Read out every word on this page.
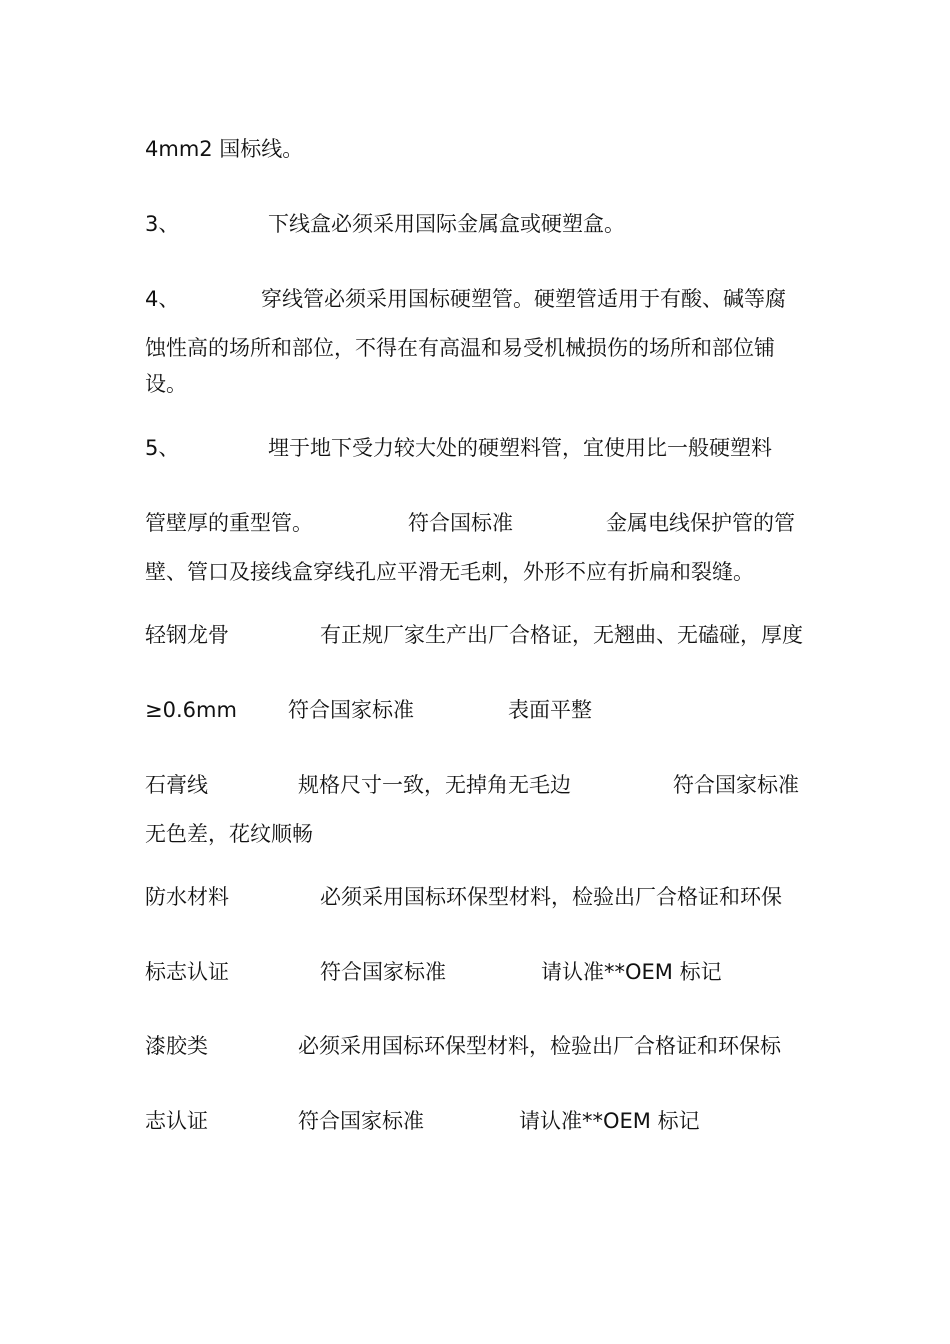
4mm2 国标线。
3、	下线盒必须采用国际金属盒或硬塑盒。
4、	穿线管必须采用国标硬塑管。硬塑管适用于有酸、碱等腐
蚀性高的场所和部位，不得在有高温和易受机械损伤的场所和部位铺
设。
5、	埋于地下受力较大处的硬塑料管，宜使用比一般硬塑料
管壁厚的重型管。	符合国标准	金属电线保护管的管
壁、管口及接线盒穿线孔应平滑无毛刺，外形不应有折扁和裂缝。
轻钢龙骨	有正规厂家生产出厂合格证，无翘曲、无磕碰，厚度
≥0.6mm 符合国家标准	表面平整
石膏线	规格尺寸一致，无掉角无毛边	符合国家标准
无色差，花纹顺畅
防水材料	必须采用国标环保型材料，检验出厂合格证和环保
标志认证	符合国家标准	请认准**OEM 标记
漆胶类	必须采用国标环保型材料，检验出厂合格证和环保标
志认证	符合国家标准	请认准**OEM 标记
